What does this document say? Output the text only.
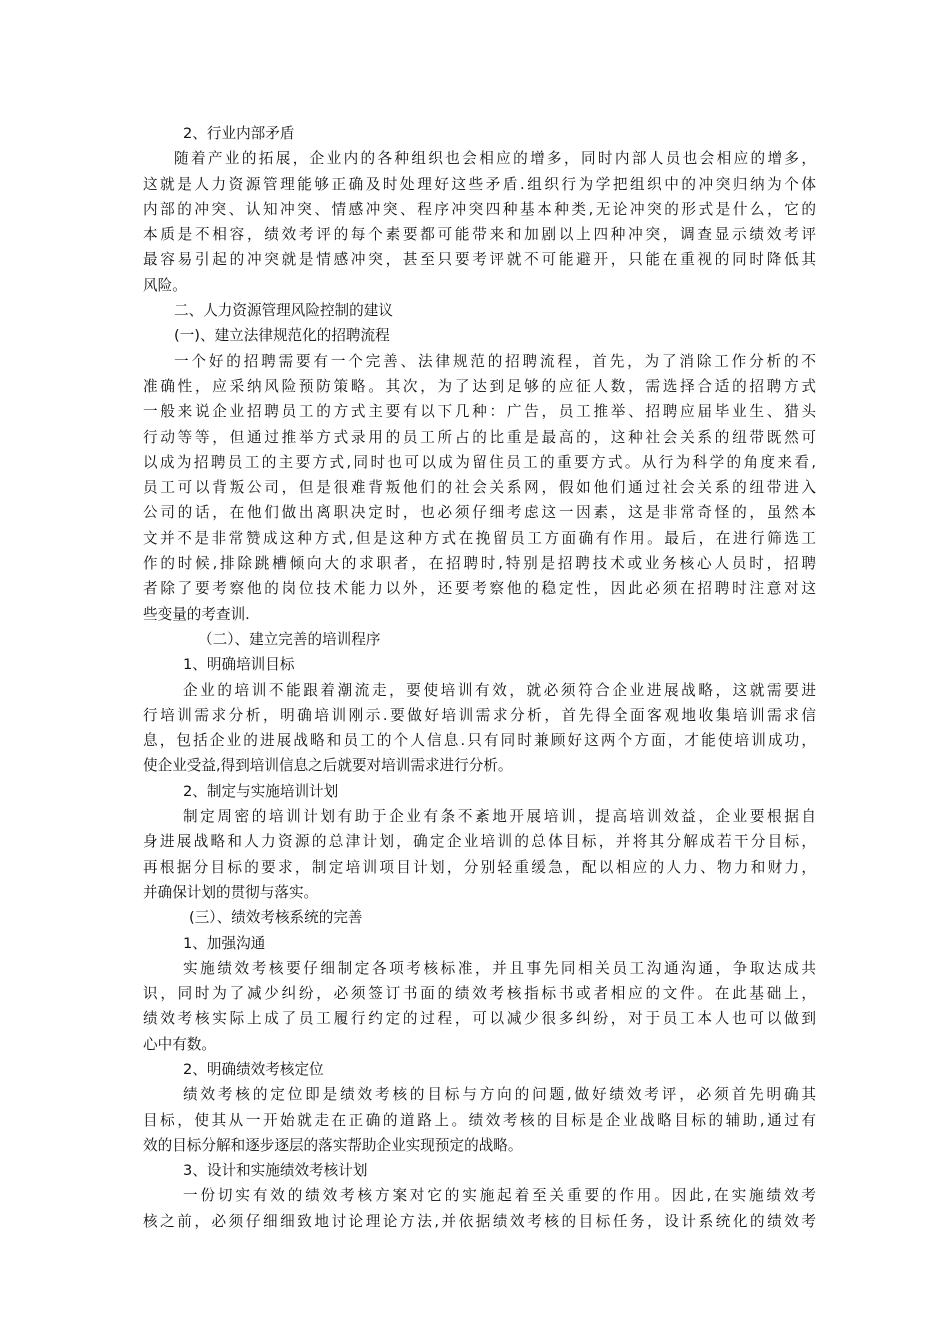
2、行业内部矛盾
随着产业的拓展，企业内的各种组织也会相应的增多，同时内部人员也会相应的增多，
这就是人力资源管理能够正确及时处理好这些矛盾.组织行为学把组织中的冲突归纳为个体
内部的冲突、认知冲突、情感冲突、程序冲突四种基本种类,无论冲突的形式是什么，它的
本质是不相容，绩效考评的每个素要都可能带来和加剧以上四种冲突，调查显示绩效考评
最容易引起的冲突就是情感冲突，甚至只要考评就不可能避开，只能在重视的同时降低其
风险。
二、人力资源管理风险控制的建议
(一)、建立法律规范化的招聘流程
一个好的招聘需要有一个完善、法律规范的招聘流程，首先，为了消除工作分析的不
准确性，应采纳风险预防策略。其次，为了达到足够的应征人数，需选择合适的招聘方式
一般来说企业招聘员工的方式主要有以下几种：广告，员工推举、招聘应届毕业生、猎头
行动等等，但通过推举方式录用的员工所占的比重是最高的，这种社会关系的纽带既然可
以成为招聘员工的主要方式,同时也可以成为留住员工的重要方式。从行为科学的角度来看,
员工可以背叛公司，但是很难背叛他们的社会关系网，假如他们通过社会关系的纽带进入
公司的话，在他们做出离职决定时，也必须仔细考虑这一因素，这是非常奇怪的，虽然本
文并不是非常赞成这种方式,但是这种方式在挽留员工方面确有作用。最后，在进行筛选工
作的时候,排除跳槽倾向大的求职者，在招聘时,特别是招聘技术或业务核心人员时，招聘
者除了要考察他的岗位技术能力以外，还要考察他的稳定性，因此必须在招聘时注意对这
些变量的考查训.
（二）、建立完善的培训程序
1、明确培训目标
企业的培训不能跟着潮流走，要使培训有效，就必须符合企业进展战略，这就需要进
行培训需求分析，明确培训刚示.要做好培训需求分析，首先得全面客观地收集培训需求信
息，包括企业的进展战略和员工的个人信息.只有同时兼顾好这两个方面，才能使培训成功，
使企业受益,得到培训信息之后就要对培训需求进行分析。
2、制定与实施培训计划
制定周密的培训计划有助于企业有条不紊地开展培训，提高培训效益，企业要根据自
身进展战略和人力资源的总津计划，确定企业培训的总体目标，并将其分解成若干分目标，
再根据分目标的要求，制定培训项目计划，分别轻重缓急，配以相应的人力、物力和财力，
并确保计划的贯彻与落实。
(三）、绩效考核系统的完善
1、加强沟通
实施绩效考核要仔细制定各项考核标准，并且事先同相关员工沟通沟通，争取达成共
识，同时为了减少纠纷，必须签订书面的绩效考核指标书或者相应的文件。在此基础上，
绩效考核实际上成了员工履行约定的过程，可以减少很多纠纷，对于员工本人也可以做到
心中有数。
2、明确绩效考核定位
绩效考核的定位即是绩效考核的目标与方向的问题,做好绩效考评，必须首先明确其
目标，使其从一开始就走在正确的道路上。绩效考核的目标是企业战略目标的辅助,通过有
效的目标分解和逐步逐层的落实帮助企业实现预定的战略。
3、设计和实施绩效考核计划
一份切实有效的绩效考核方案对它的实施起着至关重要的作用。因此,在实施绩效考
核之前，必须仔细细致地讨论理论方法,并依据绩效考核的目标任务，设计系统化的绩效考
